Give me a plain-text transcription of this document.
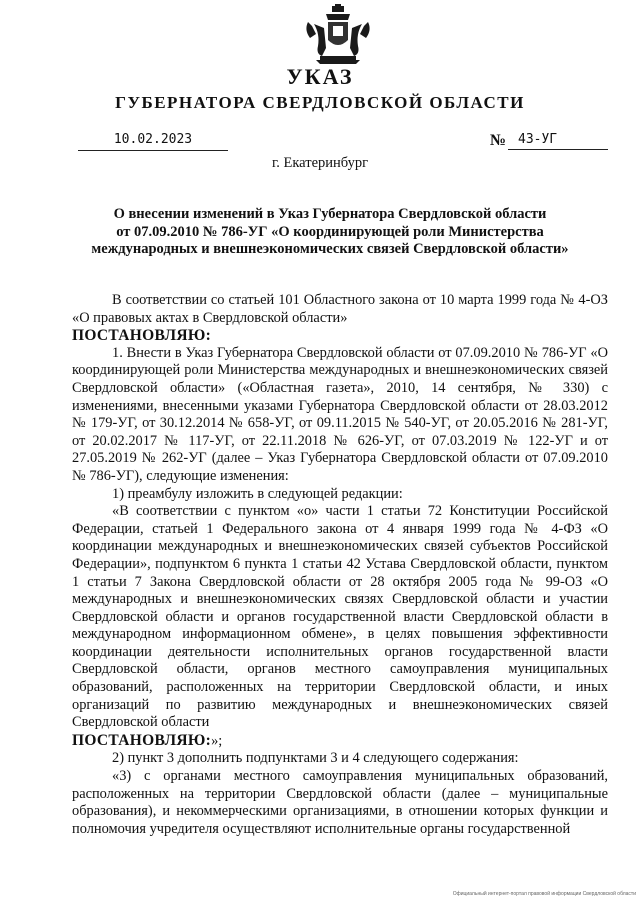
УКАЗ
ГУБЕРНАТОРА СВЕРДЛОВСКОЙ ОБЛАСТИ
10.02.2023	№ 43-УГ
г. Екатеринбург
О внесении изменений в Указ Губернатора Свердловской области
от 07.09.2010 № 786-УГ «О координирующей роли Министерства
международных и внешнеэкономических связей Свердловской области»

В соответствии со статьей 101 Областного закона от 10 марта 1999 года № 4-ОЗ «О правовых актах в Свердловской области»

ПОСТАНОВЛЯЮ:

1. Внести в Указ Губернатора Свердловской области от 07.09.2010 № 786-УГ «О координирующей роли Министерства международных и внешнеэкономических связей Свердловской области» («Областная газета», 2010, 14 сентября, № 330) с изменениями, внесенными указами Губернатора Свердловской области от 28.03.2012 № 179-УГ, от 30.12.2014 № 658-УГ, от 09.11.2015 № 540-УГ, от 20.05.2016 № 281-УГ, от 20.02.2017 № 117-УГ, от 22.11.2018 № 626-УГ, от 07.03.2019 № 122-УГ и от 27.05.2019 № 262-УГ (далее – Указ Губернатора Свердловской области от 07.09.2010 № 786-УГ), следующие изменения:

1) преамбулу изложить в следующей редакции:

«В соответствии с пунктом «о» части 1 статьи 72 Конституции Российской Федерации, статьей 1 Федерального закона от 4 января 1999 года № 4-ФЗ «О координации международных и внешнеэкономических связей субъектов Российской Федерации», подпунктом 6 пункта 1 статьи 42 Устава Свердловской области, пунктом 1 статьи 7 Закона Свердловской области от 28 октября 2005 года № 99-ОЗ «О международных и внешнеэкономических связях Свердловской области и участии Свердловской области и органов государственной власти Свердловской области в международном информационном обмене», в целях повышения эффективности координации деятельности исполнительных органов государственной власти Свердловской области, органов местного самоуправления муниципальных образований, расположенных на территории Свердловской области, и иных организаций по развитию международных и внешнеэкономических связей Свердловской области

ПОСТАНОВЛЯЮ:»;

2) пункт 3 дополнить подпунктами 3 и 4 следующего содержания:

«3) с органами местного самоуправления муниципальных образований, расположенных на территории Свердловской области (далее – муниципальные образования), и некоммерческими организациями, в отношении которых функции и полномочия учредителя осуществляют исполнительные органы государственной

Официальный интернет-портал правовой информации Свердловской области
